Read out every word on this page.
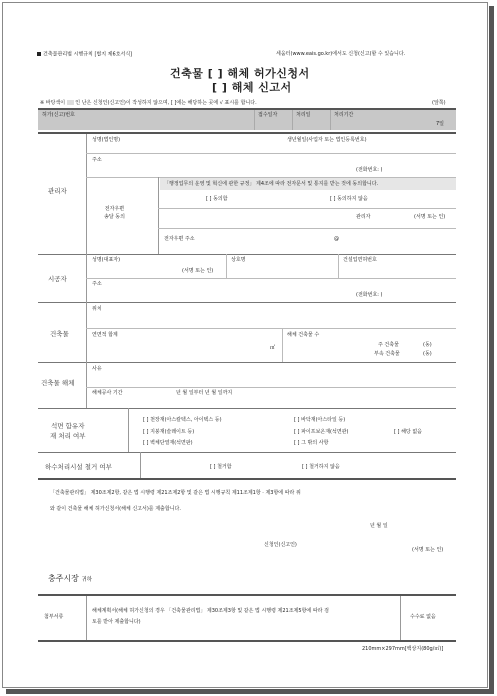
건축물관리법 시행규칙 [별지 제6호서식]	세움터(www.eais.go.kr)에서도 신청(신고)할 수 있습니다.
건축물 [ ] 해체 허가신청서
[ ] 해체 신고서
※ 바탕색이 인 난은 신청인(신고인)이 작성하지 않으며, [ ]에는 해당하는 곳에 √ 표시를 합니다.	(앞쪽)
허가(신고)번호	접수일자	처리일	처리기간
7일
관리자
성명(법인명)	생년월일(사업자 또는 법인등록번호)
주소
(전화번호: )
「행정업무의 운영 및 혁신에 관한 규정」 제4조에 따라 전자문서 및 통지를 받는 것에 동의합니다.
전자우편
송달 동의
[ ] 동의함	[ ] 동의하지 않음
관리자	(서명 또는 인)
전자우편 주소	@
시공자
성명(대표자)
(서명 또는 인)
상호명	건설업면허번호
주소
(전화번호: )
건축물
위치
연면적 합계
㎡
해체 건축물 수
주 건축물	(동)
부속 건축물	(동)
건축물 해체
사유
해체공사 기간	년 월 일부터 년 월 일까지
석면 함유자
재 처리 여부
[ ] 천장재(아스칼텍스, 아이텍스 등)	[ ] 바닥재(아스타일 등)
[ ] 지붕재(슬레이트 등)	[ ] 파이프보온재(석면관)
[ ] 벽체단열재(석면판)	[ ] 그 밖의 사항
[ ] 해당 없음
하수처리시설 철거 여부	[ ] 철거함	[ ] 철거하지 않음
「건축물관리법」 제30조제2항, 같은 법 시행령 제21조제2항 및 같은 법 시행규칙 제11조제1항 · 제3항에 따라 위
와 같이 건축물 해체 허가신청서(해체 신고서)를 제출합니다.
년 월 일
신청인(신고인)
(서명 또는 인)
충주시장 귀하
첨부서류
해체계획서(해체 허가신청의 경우 「건축물관리법」 제30조제3항 및 같은 법 시행령 제21조제5항에 따라 검
토를 받아 제출합니다)
수수료 없음
210mm×297mm[백상지(80g/㎡)]
